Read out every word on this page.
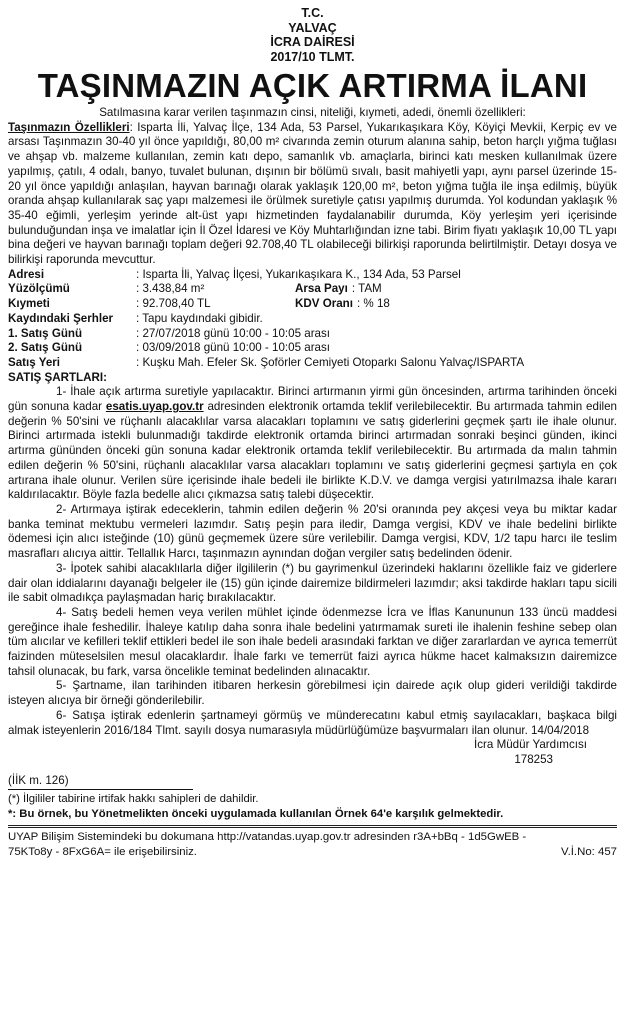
T.C.
YALVAÇ
İCRA DAİRESİ
2017/10 TLMT.
TAŞINMAZIN AÇIK ARTIRMA İLANI
Satılmasına karar verilen taşınmazın cinsi, niteliği, kıymeti, adedi, önemli özellikleri:
Taşınmazın Özellikleri: Isparta İli, Yalvaç İlçe, 134 Ada, 53 Parsel, Yukarıkaşıkara Köy, Köyiçi Mevkii, Kerpiç ev ve arsası Taşınmazın 30-40 yıl önce yapıldığı, 80,00 m² civarında zemin oturum alanına sahip, beton harçlı yığma tuğlası ve ahşap vb. malzeme kullanılan, zemin katı depo, samanlık vb. amaçlarla, birinci katı mesken kullanılmak üzere yapılmış, çatılı, 4 odalı, banyo, tuvalet bulunan, dışının bir bölümü sıvalı, basit mahiyetli yapı, aynı parsel üzerinde 15-20 yıl önce yapıldığı anlaşılan, hayvan barınağı olarak yaklaşık 120,00 m², beton yığma tuğla ile inşa edilmiş, büyük oranda ahşap kullanılarak saç yapı malzemesi ile örülmek suretiyle çatısı yapılmış durumda. Yol kodundan yaklaşık % 35-40 eğimli, yerleşim yerinde alt-üst yapı hizmetinden faydalanabilir durumda, Köy yerleşim yeri içerisinde bulunduğundan inşa ve imalatlar için İl Özel İdaresi ve Köy Muhtarlığından izne tabi. Birim fiyatı yaklaşık 10,00 TL yapı bina değeri ve hayvan barınağı toplam değeri 92.708,40 TL olabileceği bilirkişi raporunda belirtilmiştir. Detayı dosya ve bilirkişi raporunda mevcuttur.
Adresi	: Isparta İli, Yalvaç İlçesi, Yukarıkaşıkara K., 134 Ada, 53 Parsel
Yüzölçümü	: 3.438,84 m²	Arsa Payı : TAM
Kıymeti	: 92.708,40 TL	KDV Oranı : % 18
Kaydındaki Şerhler	: Tapu kaydındaki gibidir.
1. Satış Günü	: 27/07/2018 günü 10:00 - 10:05 arası
2. Satış Günü	: 03/09/2018 günü 10:00 - 10:05 arası
Satış Yeri	: Kuşku Mah. Efeler Sk. Şoförler Cemiyeti Otoparkı Salonu Yalvaç/ISPARTA
SATIŞ ŞARTLARI:
1- İhale açık artırma suretiyle yapılacaktır. Birinci artırmanın yirmi gün öncesinden, artırma tarihinden önceki gün sonuna kadar esatis.uyap.gov.tr adresinden elektronik ortamda teklif verilebilecektir. Bu artırmada tahmin edilen değerin % 50'sini ve rüçhanlı alacaklılar varsa alacakları toplamını ve satış giderlerini geçmek şartı ile ihale olunur. Birinci artırmada istekli bulunmadığı takdirde elektronik ortamda birinci artırmadan sonraki beşinci günden, ikinci artırma gününden önceki gün sonuna kadar elektronik ortamda teklif verilebilecektir. Bu artırmada da malın tahmin edilen değerin % 50'sini, rüçhanlı alacaklılar varsa alacakları toplamını ve satış giderlerini geçmesi şartıyla en çok artırana ihale olunur. Verilen süre içerisinde ihale bedeli ile birlikte K.D.V. ve damga vergisi yatırılmazsa ihale kararı kaldırılacaktır. Böyle fazla bedelle alıcı çıkmazsa satış talebi düşecektir.
2- Artırmaya iştirak edeceklerin, tahmin edilen değerin % 20'si oranında pey akçesi veya bu miktar kadar banka teminat mektubu vermeleri lazımdır. Satış peşin para iledir, Damga vergisi, KDV ve ihale bedelini birlikte ödemesi için alıcı isteğinde (10) günü geçmemek üzere süre verilebilir. Damga vergisi, KDV, 1/2 tapu harcı ile teslim masrafları alıcıya aittir. Tellallık Harcı, taşınmazın aynından doğan vergiler satış bedelinden ödenir.
3- İpotek sahibi alacaklılarla diğer ilgililerin (*) bu gayrimenkul üzerindeki haklarını özellikle faiz ve giderlere dair olan iddialarını dayanağı belgeler ile (15) gün içinde dairemize bildirmeleri lazımdır; aksi takdirde hakları tapu sicili ile sabit olmadıkça paylaşmadan hariç bırakılacaktır.
4- Satış bedeli hemen veya verilen mühlet içinde ödenmezse İcra ve İflas Kanununun 133 üncü maddesi gereğince ihale feshedilir. İhaleye katılıp daha sonra ihale bedelini yatırmamak sureti ile ihalenin feshine sebep olan tüm alıcılar ve kefilleri teklif ettikleri bedel ile son ihale bedeli arasındaki farktan ve diğer zararlardan ve ayrıca temerrüt faizinden müteselsilen mesul olacaklardır. İhale farkı ve temerrüt faizi ayrıca hükme hacet kalmaksızın dairemizce tahsil olunacak, bu fark, varsa öncelikle teminat bedelinden alınacaktır.
5- Şartname, ilan tarihinden itibaren herkesin görebilmesi için dairede açık olup gideri verildiği takdirde isteyen alıcıya bir örneği gönderilebilir.
6- Satışa iştirak edenlerin şartnameyi görmüş ve münderecatını kabul etmiş sayılacakları, başkaca bilgi almak isteyenlerin 2016/184 Tlmt. sayılı dosya numarasıyla müdürlüğümüze başvurmaları ilan olunur. 14/04/2018
İcra Müdür Yardımcısı
178253
(İİK m. 126)
(*) İlgililer tabirine irtifak hakkı sahipleri de dahildir.
*: Bu örnek, bu Yönetmelikten önceki uygulamada kullanılan Örnek 64'e karşılık gelmektedir.
UYAP Bilişim Sistemindeki bu dokumana http://vatandas.uyap.gov.tr adresinden r3A+bBq - 1d5GwEB -
75KTo8y - 8FxG6A= ile erişebilirsiniz.	V.İ.No: 457
